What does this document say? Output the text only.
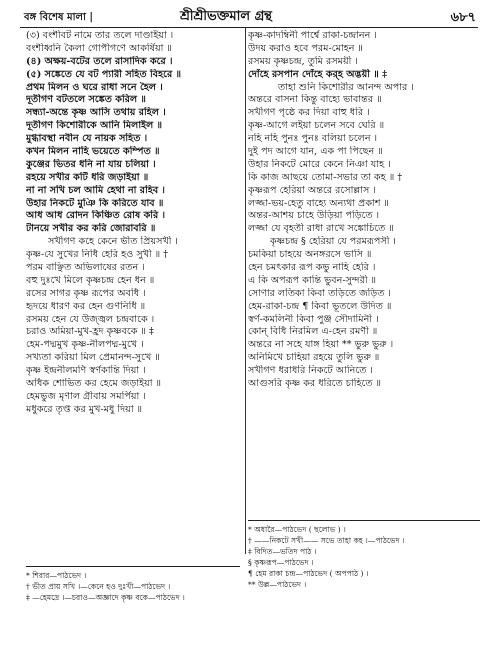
বঙ্গ বিশেষ মালা |	শ্রীশ্রীভক্তমাল গ্রন্থ	৬৮৭
(৩) বংশীবট নামে তার তলে দাণ্ডাইয়া ।
বংশীধ্বনি কৈলা গোপীগণে আকর্ষিয়া ॥
(৪) অক্ষয়-বটের তলে রাসাদিক করে ।
(৫) সঙ্কেতে যে বট প্যারী সহিত বিহরে ॥
প্রথম মিলন ও ঘরে রাধা সনে হৈল ।
দূতীগণ বটতলে সঙ্কেত করিল ॥
সন্ধ্যা-অন্তে কৃষ্ণ আসি তথায় রহিল ।
দূতীগণ কিশোরীকে আনি মিলাইল ॥
মুগ্ধাবস্থা নবীন যে নায়ক সহিত ।
কখন মিলন নাহি ভয়েতে কম্পিত ॥
কুঞ্জের ভিতর ধনি না যায় চলিয়া ।
রহয়ে সখীর কটি ধরি জড়াইয়া ॥
না না সখি চল আমি হেথা না রহিব ।
উহার নিকটে মুঞি কি করিতে যাব ॥
আধ আধ রোদন কিঞ্চিত রোষ করি ।
টানয়ে সখীর কর করি জোরাবরি ॥
সখীগণ কহে কেনে ভীত প্রিয়সখী ।
কৃষ্ণ-যে সুখের নিধি হেরি হও সুখী ॥ †
পরম বাঞ্ছিত অভিলাষের রতন ।
বহু দুঃখে মিলে কৃষ্ণচন্দ্র হেন ধন ॥
রসের সাগর কৃষ্ণ রূপের অবধি ।
হৃদয়ে ধারণ কর হেন গুণনিধি ॥
রসময় হেন যে উজ্জ্বল চন্দ্রবাকে ।
চরাও অমিয়া-মুখ-হ্রদ কৃষ্ণবকে ॥ ‡
হেম-পদ্মমুখ কৃষ্ণ-নীলপদ্ম-মুখে ।
সখ্যতা করিয়া মিল প্রেমানন্দ-সুখে ॥
কৃষ্ণ ইন্দ্রনীলমণি স্বর্ণকান্তি দিয়া ।
অধিক শোভিত কর হেমে জড়াইয়া ॥
হেমভুজ মৃণাল গ্রীবায় সমর্পিয়া ।
মধুকরে তৃপ্ত কর মুখ-মধু দিয়া ॥
কৃষ্ণ-কাদম্বিনী পার্শ্বে রাকা-চন্দ্রানন ।
উদয় করাও হবে পরম-মোহন ॥
রসময় কৃষ্ণচন্দ্র, তুমি রসময়ী ।
দোঁহে রসপান দোঁহে কর্‌হ অদ্ভয়ী ॥ ‡
তাহা শুনি কিশোরীর আনন্দ অপার ।
অন্তরে বাসনা কিন্তু বাহ্যে ভাবান্তর ॥
সখীগণ পৃষ্ঠে কর দিয়া বাহু ধরি ।
কৃষ্ণ-আগে লইয়া চলেন সবে ঘেরি ॥
নহি নহি পুনঃ পুনঃ বলিয়া চলেন ।
দুই পদ আগে যান, এক পা পিছেন ॥
উহার নিকটে মোরে কেনে নিঞা যাহ ।
কি কাজ আছয়ে তোমা-সভার তা কহ ॥ †
কৃষ্ণরূপ হেরিয়া অন্তরে রসোল্লাস ।
লজ্জা-ভয়-হেতু বাহ্যে অন্যথা প্রকাশ ॥
অন্তর-আশয় চাহে উড়িয়া পড়িতে ।
লজ্জা যে বৃহতী রাধা রাখে সঙ্কোচিতে ॥
কৃষ্ণচন্দ্র § হেরিয়া যে পরমরূপসী ।
চমকিয়া চাহয়ে অনঙ্গরসে ভাসি ॥
হেন চমৎকার রূপ কভু নাহি হেরি ।
এ কি অপরূপ কান্তি ভুবন-সুন্দরী ॥
সোণার লতিকা কিবা তড়িতে জড়িত ।
হেম-রাকা-চন্দ্র ¶ কিবা ভূতলে উদিত ॥
স্বর্ণ-কমলিনী কিবা পুঞ্জ সৌদামিনী ।
কোন্ বিধি নিরমিল এ-হেন রমণী ॥
অন্তরে না সহে যাঙ্গ হিয়া ** ভুরু ভুরু ।
অনিমিখে চাহিয়া রহয়ে তুলি ভুরু ॥
সখীগণ ধরাধরি নিকটে আনিতে ।
আগুসরি কৃষ্ণ কর ধরিতে চাহিতে ॥
* অধারৈ—পাঠভেদ ( ছলোভ ) ।
† ——নিকটে সখী—— সভে তাহা কহ ।—পাঠভেদ ।
‡ বিদিত—ভতিদ পাঠ ।
§ কৃষ্ণরূপ—পাঠভেদ ।
¶ হেম রাকা চন্দ্র—পাঠভেদ ( অপপাঠ ) ।
** উল্ল—পাঠভেদ ।
* শিরার—পাঠভেদ ।
† ভীত প্রায় সখি ।—কেনে হও দুঃখী—পাঠভেদ ।
‡ —হেমদ্রে ।—চরাও—অজ্ঞাদে কৃষ্ণ বকে—পাঠভেদ ।
